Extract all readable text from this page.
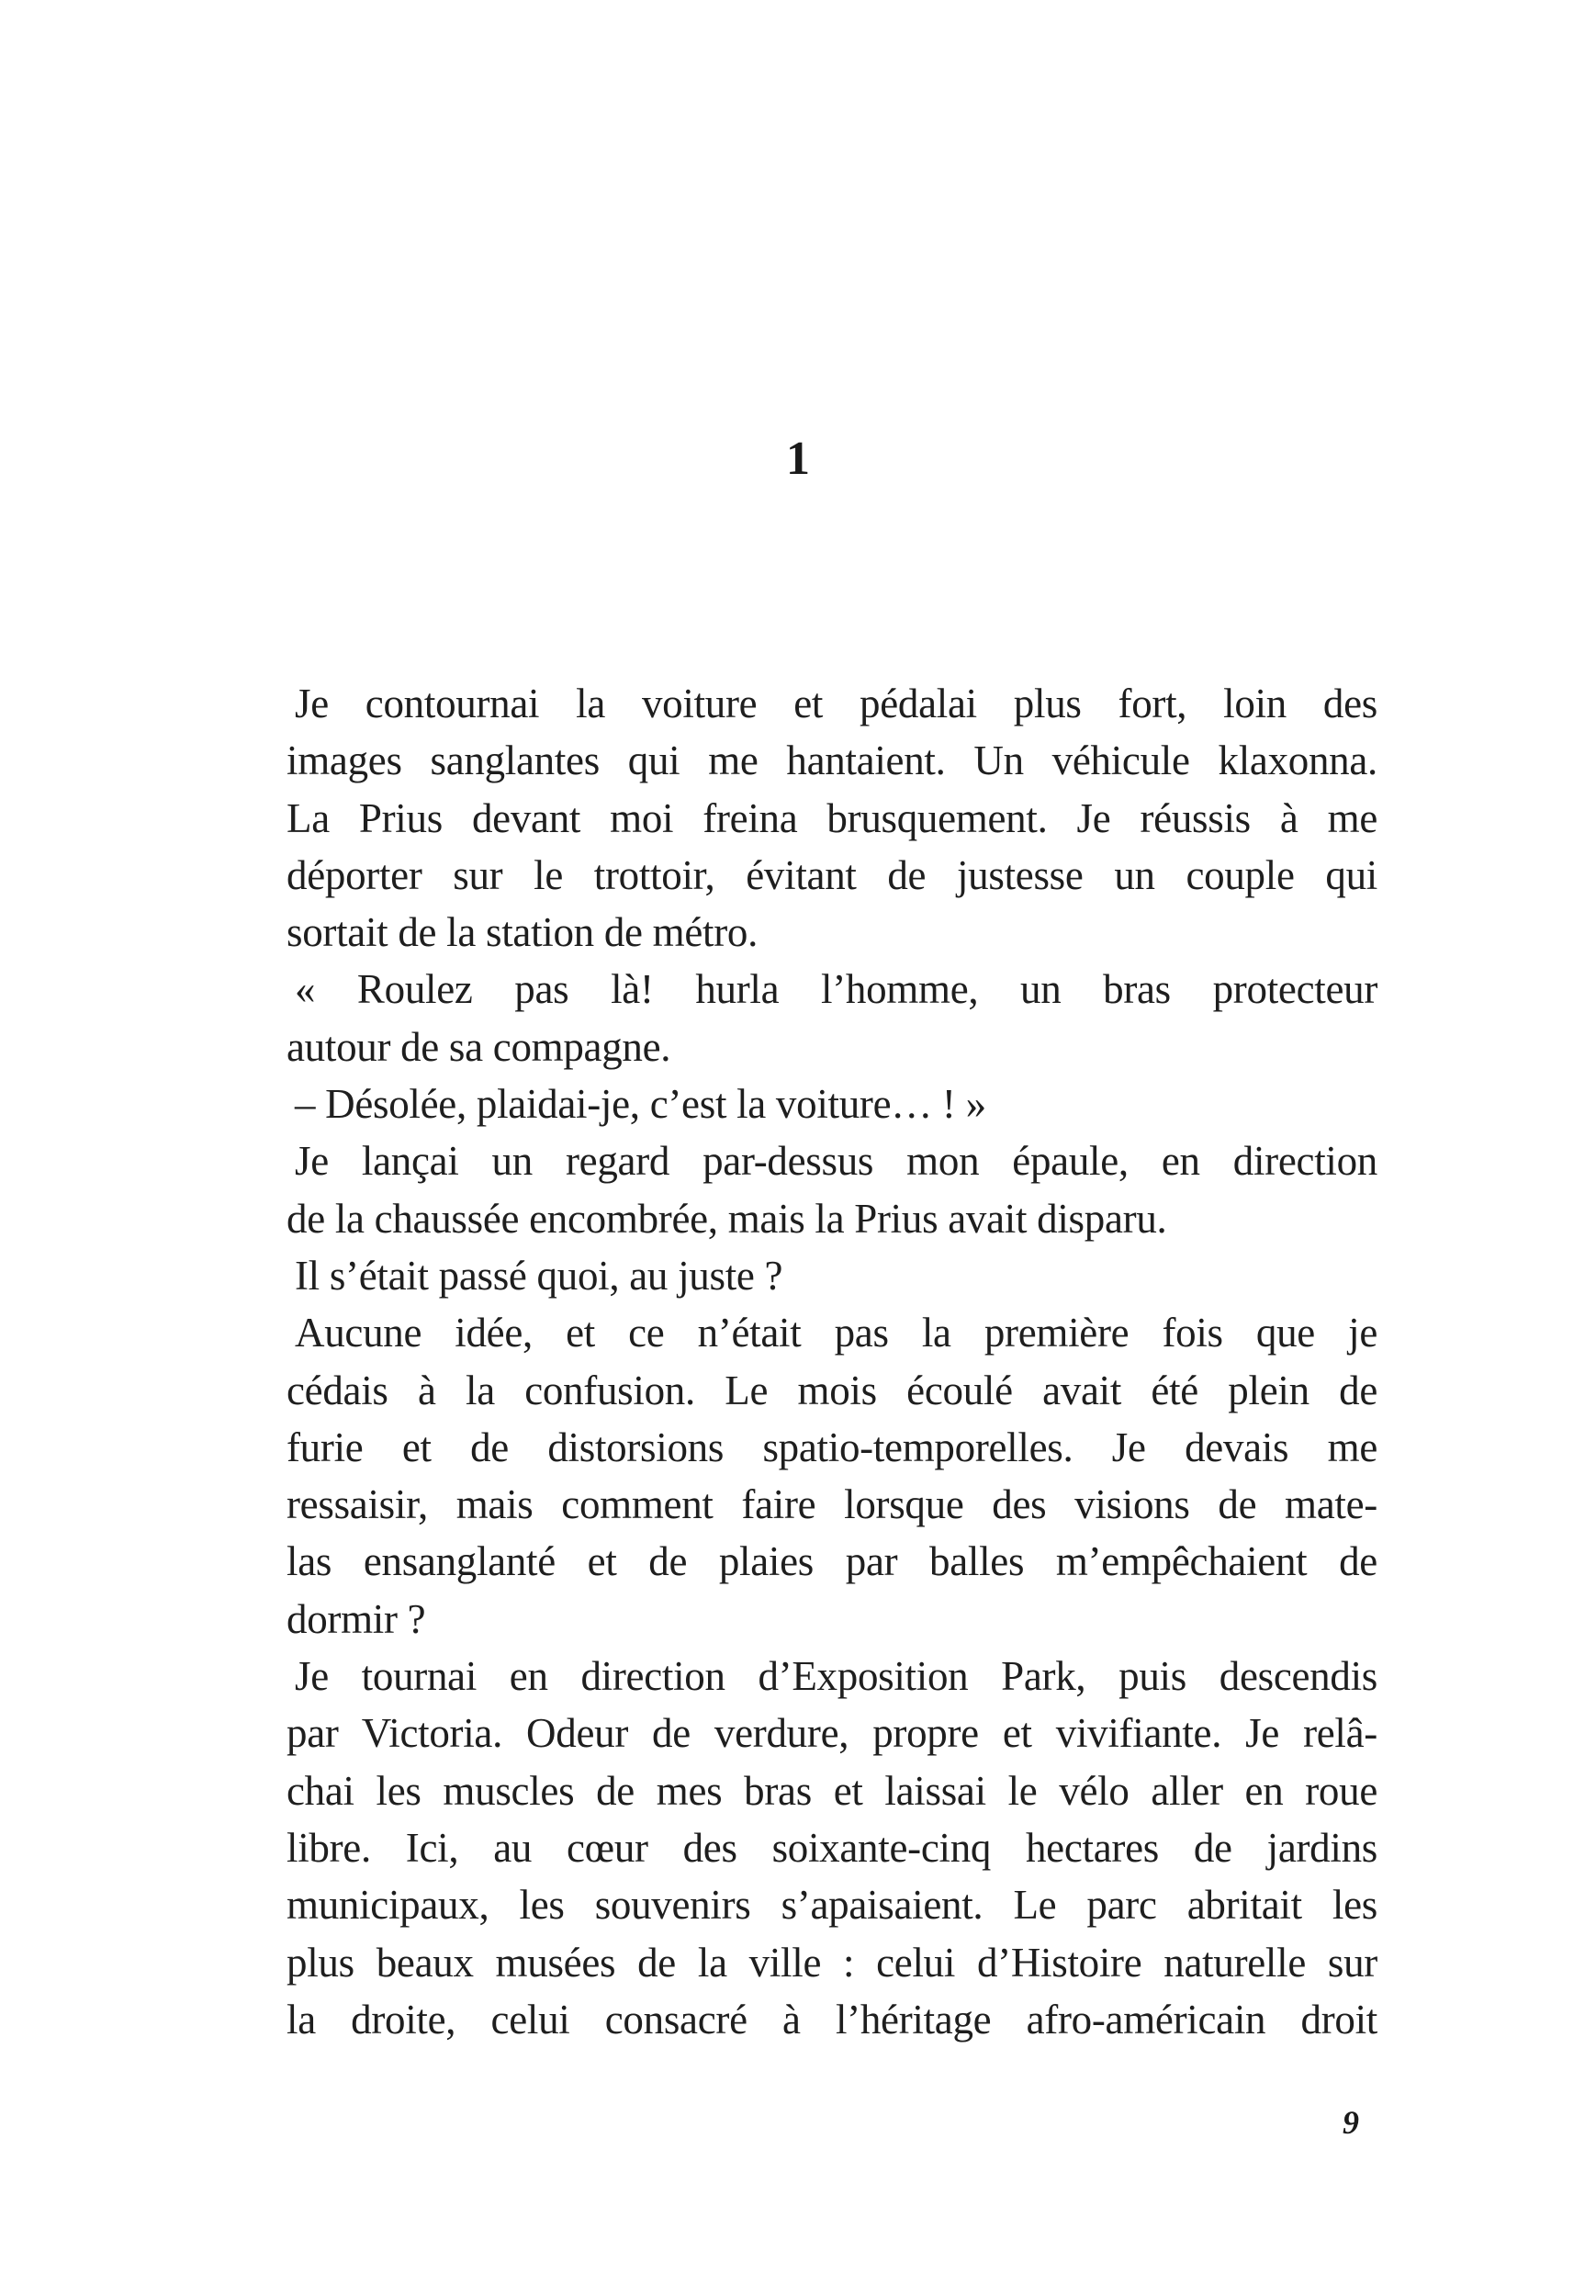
1
Je contournai la voiture et pédalai plus fort, loin des
images sanglantes qui me hantaient. Un véhicule klaxonna.
La Prius devant moi freina brusquement. Je réussis à me
déporter sur le trottoir, évitant de justesse un couple qui
sortait de la station de métro.
« Roulez pas là! hurla l’homme, un bras protecteur
autour de sa compagne.
– Désolée, plaidai-je, c’est la voiture… ! »
Je lançai un regard par-dessus mon épaule, en direction
de la chaussée encombrée, mais la Prius avait disparu.
Il s’était passé quoi, au juste ?
Aucune idée, et ce n’était pas la première fois que je
cédais à la confusion. Le mois écoulé avait été plein de
furie et de distorsions spatio-temporelles. Je devais me
ressaisir, mais comment faire lorsque des visions de mate-
las ensanglanté et de plaies par balles m’empêchaient de
dormir ?
Je tournai en direction d’Exposition Park, puis descendis
par Victoria. Odeur de verdure, propre et vivifiante. Je relâ-
chai les muscles de mes bras et laissai le vélo aller en roue
libre. Ici, au cœur des soixante-cinq hectares de jardins
municipaux, les souvenirs s’apaisaient. Le parc abritait les
plus beaux musées de la ville : celui d’Histoire naturelle sur
la droite, celui consacré à l’héritage afro-américain droit
9
